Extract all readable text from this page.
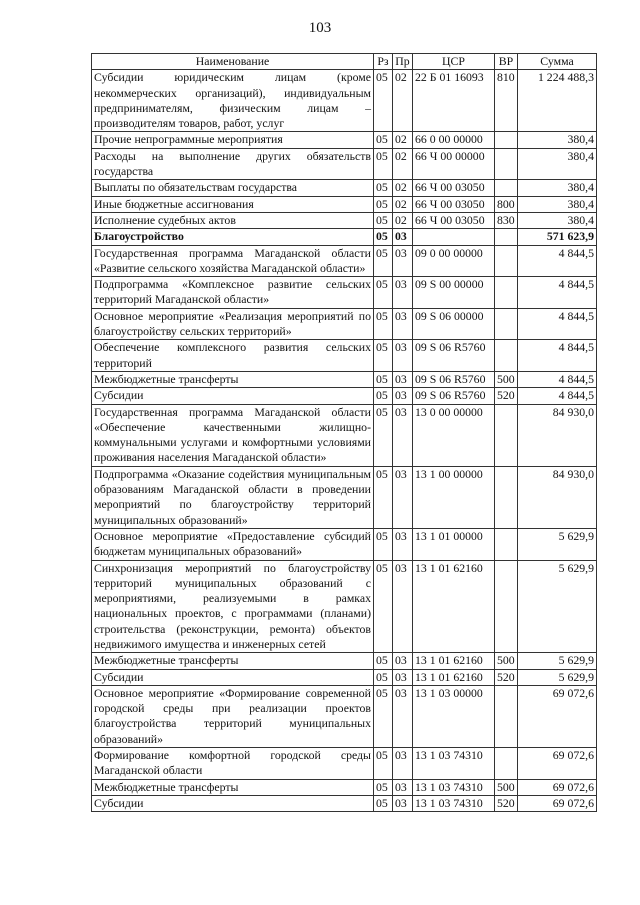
103
Наименование	Рз	Пр	ЦСР	ВР	Сумма
Субсидии юридическим лицам (кроме некоммерческих организаций), индивидуальным предпринимателям, физическим лицам – производителям товаров, работ, услуг	05	02	22 Б 01 16093	810	1 224 488,3
Прочие непрограммные мероприятия	05	02	66 0 00 00000		380,4
Расходы на выполнение других обязательств государства	05	02	66 Ч 00 00000		380,4
Выплаты по обязательствам государства	05	02	66 Ч 00 03050		380,4
Иные бюджетные ассигнования	05	02	66 Ч 00 03050	800	380,4
Исполнение судебных актов	05	02	66 Ч 00 03050	830	380,4
Благоустройство	05	03			571 623,9
Государственная программа Магаданской области «Развитие сельского хозяйства Магаданской области»	05	03	09 0 00 00000		4 844,5
Подпрограмма «Комплексное развитие сельских территорий Магаданской области»	05	03	09 S 00 00000		4 844,5
Основное мероприятие «Реализация мероприятий по благоустройству сельских территорий»	05	03	09 S 06 00000		4 844,5
Обеспечение комплексного развития сельских территорий	05	03	09 S 06 R5760		4 844,5
Межбюджетные трансферты	05	03	09 S 06 R5760	500	4 844,5
Субсидии	05	03	09 S 06 R5760	520	4 844,5
Государственная программа Магаданской области «Обеспечение качественными жилищно-коммунальными услугами и комфортными условиями проживания населения Магаданской области»	05	03	13 0 00 00000		84 930,0
Подпрограмма «Оказание содействия муниципальным образованиям Магаданской области в проведении мероприятий по благоустройству территорий муниципальных образований»	05	03	13 1 00 00000		84 930,0
Основное мероприятие «Предоставление субсидий бюджетам муниципальных образований»	05	03	13 1 01 00000		5 629,9
Синхронизация мероприятий по благоустройству территорий муниципальных образований с мероприятиями, реализуемыми в рамках национальных проектов, с программами (планами) строительства (реконструкции, ремонта) объектов недвижимого имущества и инженерных сетей	05	03	13 1 01 62160		5 629,9
Межбюджетные трансферты	05	03	13 1 01 62160	500	5 629,9
Субсидии	05	03	13 1 01 62160	520	5 629,9
Основное мероприятие «Формирование современной городской среды при реализации проектов благоустройства территорий муниципальных образований»	05	03	13 1 03 00000		69 072,6
Формирование комфортной городской среды Магаданской области	05	03	13 1 03 74310		69 072,6
Межбюджетные трансферты	05	03	13 1 03 74310	500	69 072,6
Субсидии	05	03	13 1 03 74310	520	69 072,6
